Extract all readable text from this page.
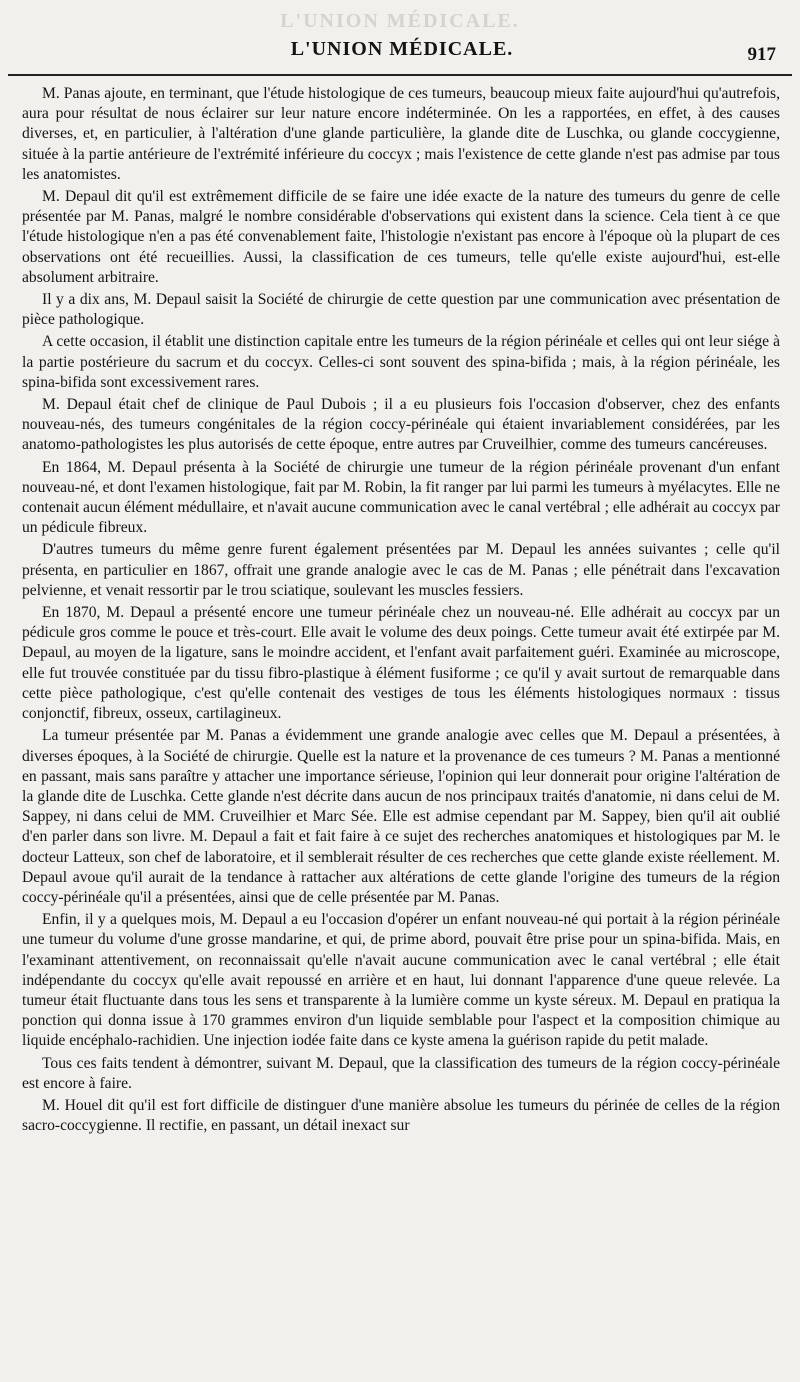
L'UNION MÉDICALE.
L'UNION MÉDICALE.	917

M. Panas ajoute, en terminant, que l'étude histologique de ces tumeurs, beaucoup mieux faite aujourd'hui qu'autrefois, aura pour résultat de nous éclairer sur leur nature encore indéterminée. On les a rapportées, en effet, à des causes diverses, et, en particulier, à l'altération d'une glande particulière, la glande dite de Luschka, ou glande coccygienne, située à la partie antérieure de l'extrémité inférieure du coccyx ; mais l'existence de cette glande n'est pas admise par tous les anatomistes.

M. Depaul dit qu'il est extrêmement difficile de se faire une idée exacte de la nature des tumeurs du genre de celle présentée par M. Panas, malgré le nombre considérable d'observations qui existent dans la science. Cela tient à ce que l'étude histologique n'en a pas été convenablement faite, l'histologie n'existant pas encore à l'époque où la plupart de ces observations ont été recueillies. Aussi, la classification de ces tumeurs, telle qu'elle existe aujourd'hui, est-elle absolument arbitraire.

Il y a dix ans, M. Depaul saisit la Société de chirurgie de cette question par une communication avec présentation de pièce pathologique.

A cette occasion, il établit une distinction capitale entre les tumeurs de la région périnéale et celles qui ont leur siége à la partie postérieure du sacrum et du coccyx. Celles-ci sont souvent des spina-bifida ; mais, à la région périnéale, les spina-bifida sont excessivement rares.

M. Depaul était chef de clinique de Paul Dubois ; il a eu plusieurs fois l'occasion d'observer, chez des enfants nouveau-nés, des tumeurs congénitales de la région coccy-périnéale qui étaient invariablement considérées, par les anatomo-pathologistes les plus autorisés de cette époque, entre autres par Cruveilhier, comme des tumeurs cancéreuses.

En 1864, M. Depaul présenta à la Société de chirurgie une tumeur de la région périnéale provenant d'un enfant nouveau-né, et dont l'examen histologique, fait par M. Robin, la fit ranger par lui parmi les tumeurs à myélacytes. Elle ne contenait aucun élément médullaire, et n'avait aucune communication avec le canal vertébral ; elle adhérait au coccyx par un pédicule fibreux.

D'autres tumeurs du même genre furent également présentées par M. Depaul les années suivantes ; celle qu'il présenta, en particulier en 1867, offrait une grande analogie avec le cas de M. Panas ; elle pénétrait dans l'excavation pelvienne, et venait ressortir par le trou sciatique, soulevant les muscles fessiers.

En 1870, M. Depaul a présenté encore une tumeur périnéale chez un nouveau-né. Elle adhérait au coccyx par un pédicule gros comme le pouce et très-court. Elle avait le volume des deux poings. Cette tumeur avait été extirpée par M. Depaul, au moyen de la ligature, sans le moindre accident, et l'enfant avait parfaitement guéri. Examinée au microscope, elle fut trouvée constituée par du tissu fibro-plastique à élément fusiforme ; ce qu'il y avait surtout de remarquable dans cette pièce pathologique, c'est qu'elle contenait des vestiges de tous les éléments histologiques normaux : tissus conjonctif, fibreux, osseux, cartilagineux.

La tumeur présentée par M. Panas a évidemment une grande analogie avec celles que M. Depaul a présentées, à diverses époques, à la Société de chirurgie. Quelle est la nature et la provenance de ces tumeurs ? M. Panas a mentionné en passant, mais sans paraître y attacher une importance sérieuse, l'opinion qui leur donnerait pour origine l'altération de la glande dite de Luschka. Cette glande n'est décrite dans aucun de nos principaux traités d'anatomie, ni dans celui de M. Sappey, ni dans celui de MM. Cruveilhier et Marc Sée. Elle est admise cependant par M. Sappey, bien qu'il ait oublié d'en parler dans son livre. M. Depaul a fait et fait faire à ce sujet des recherches anatomiques et histologiques par M. le docteur Latteux, son chef de laboratoire, et il semblerait résulter de ces recherches que cette glande existe réellement. M. Depaul avoue qu'il aurait de la tendance à rattacher aux altérations de cette glande l'origine des tumeurs de la région coccy-périnéale qu'il a présentées, ainsi que de celle présentée par M. Panas.

Enfin, il y a quelques mois, M. Depaul a eu l'occasion d'opérer un enfant nouveau-né qui portait à la région périnéale une tumeur du volume d'une grosse mandarine, et qui, de prime abord, pouvait être prise pour un spina-bifida. Mais, en l'examinant attentivement, on reconnaissait qu'elle n'avait aucune communication avec le canal vertébral ; elle était indépendante du coccyx qu'elle avait repoussé en arrière et en haut, lui donnant l'apparence d'une queue relevée. La tumeur était fluctuante dans tous les sens et transparente à la lumière comme un kyste séreux. M. Depaul en pratiqua la ponction qui donna issue à 170 grammes environ d'un liquide semblable pour l'aspect et la composition chimique au liquide encéphalo-rachidien. Une injection iodée faite dans ce kyste amena la guérison rapide du petit malade.

Tous ces faits tendent à démontrer, suivant M. Depaul, que la classification des tumeurs de la région coccy-périnéale est encore à faire.

M. Houel dit qu'il est fort difficile de distinguer d'une manière absolue les tumeurs du périnée de celles de la région sacro-coccygienne. Il rectifie, en passant, un détail inexact sur
